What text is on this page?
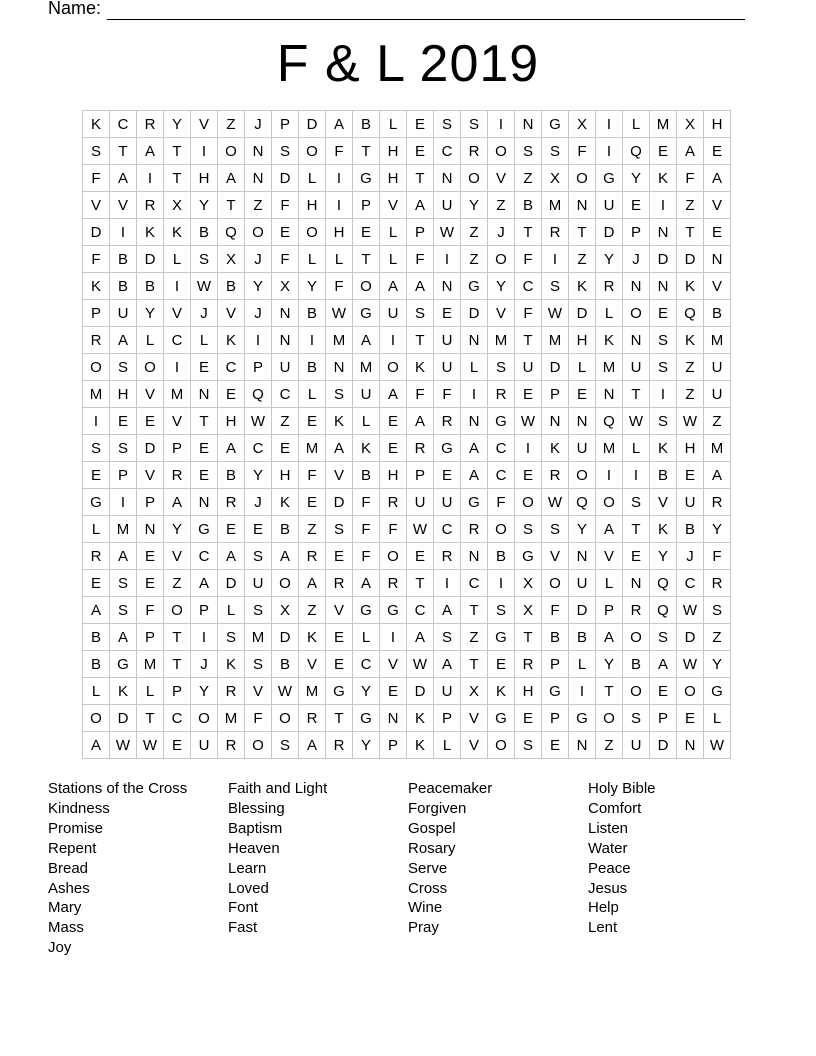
Name:
F & L 2019
K	C	R	Y	V	Z	J	P	D	A	B	L	E	S	S	I	N	G	X	I	L	M	X	H
S	T	A	T	I	O	N	S	O	F	T	H	E	C	R	O	S	S	F	I	Q	E	A	E
F	A	I	T	H	A	N	D	L	I	G	H	T	N	O	V	Z	X	O	G	Y	K	F	A
V	V	R	X	Y	T	Z	F	H	I	P	V	A	U	Y	Z	B	M	N	U	E	I	Z	V
D	I	K	K	B	Q	O	E	O	H	E	L	P	W	Z	J	T	R	T	D	P	N	T	E
F	B	D	L	S	X	J	F	L	L	T	L	F	I	Z	O	F	I	Z	Y	J	D	D	N
K	B	B	I	W	B	Y	X	Y	F	O	A	A	N	G	Y	C	S	K	R	N	N	K	V
P	U	Y	V	J	V	J	N	B	W	G	U	S	E	D	V	F	W	D	L	O	E	Q	B
R	A	L	C	L	K	I	N	I	M	A	I	T	U	N	M	T	M	H	K	N	S	K	M
O	S	O	I	E	C	P	U	B	N	M	O	K	U	L	S	U	D	L	M	U	S	Z	U
M	H	V	M	N	E	Q	C	L	S	U	A	F	F	I	R	E	P	E	N	T	I	Z	U
I	E	E	V	T	H	W	Z	E	K	L	E	A	R	N	G	W	N	N	Q	W	S	W	Z
S	S	D	P	E	A	C	E	M	A	K	E	R	G	A	C	I	K	U	M	L	K	H	M
E	P	V	R	E	B	Y	H	F	V	B	H	P	E	A	C	E	R	O	I	I	B	E	A
G	I	P	A	N	R	J	K	E	D	F	R	U	U	G	F	O	W	Q	O	S	V	U	R
L	M	N	Y	G	E	E	B	Z	S	F	F	W	C	R	O	S	S	Y	A	T	K	B	Y
R	A	E	V	C	A	S	A	R	E	F	O	E	R	N	B	G	V	N	V	E	Y	J	F
E	S	E	Z	A	D	U	O	A	R	A	R	T	I	C	I	X	O	U	L	N	Q	C	R
A	S	F	O	P	L	S	X	Z	V	G	G	C	A	T	S	X	F	D	P	R	Q	W	S
B	A	P	T	I	S	M	D	K	E	L	I	A	S	Z	G	T	B	B	A	O	S	D	Z
B	G	M	T	J	K	S	B	V	E	C	V	W	A	T	E	R	P	L	Y	B	A	W	Y
L	K	L	P	Y	R	V	W	M	G	Y	E	D	U	X	K	H	G	I	T	O	E	O	G
O	D	T	C	O	M	F	O	R	T	G	N	K	P	V	G	E	P	G	O	S	P	E	L
A	W	W	E	U	R	O	S	A	R	Y	P	K	L	V	O	S	E	N	Z	U	D	N	W
Stations of the Cross
Kindness
Promise
Repent
Bread
Ashes
Mary
Mass
Joy
Faith and Light
Blessing
Baptism
Heaven
Learn
Loved
Font
Fast
Peacemaker
Forgiven
Gospel
Rosary
Serve
Cross
Wine
Pray
Holy Bible
Comfort
Listen
Water
Peace
Jesus
Help
Lent
